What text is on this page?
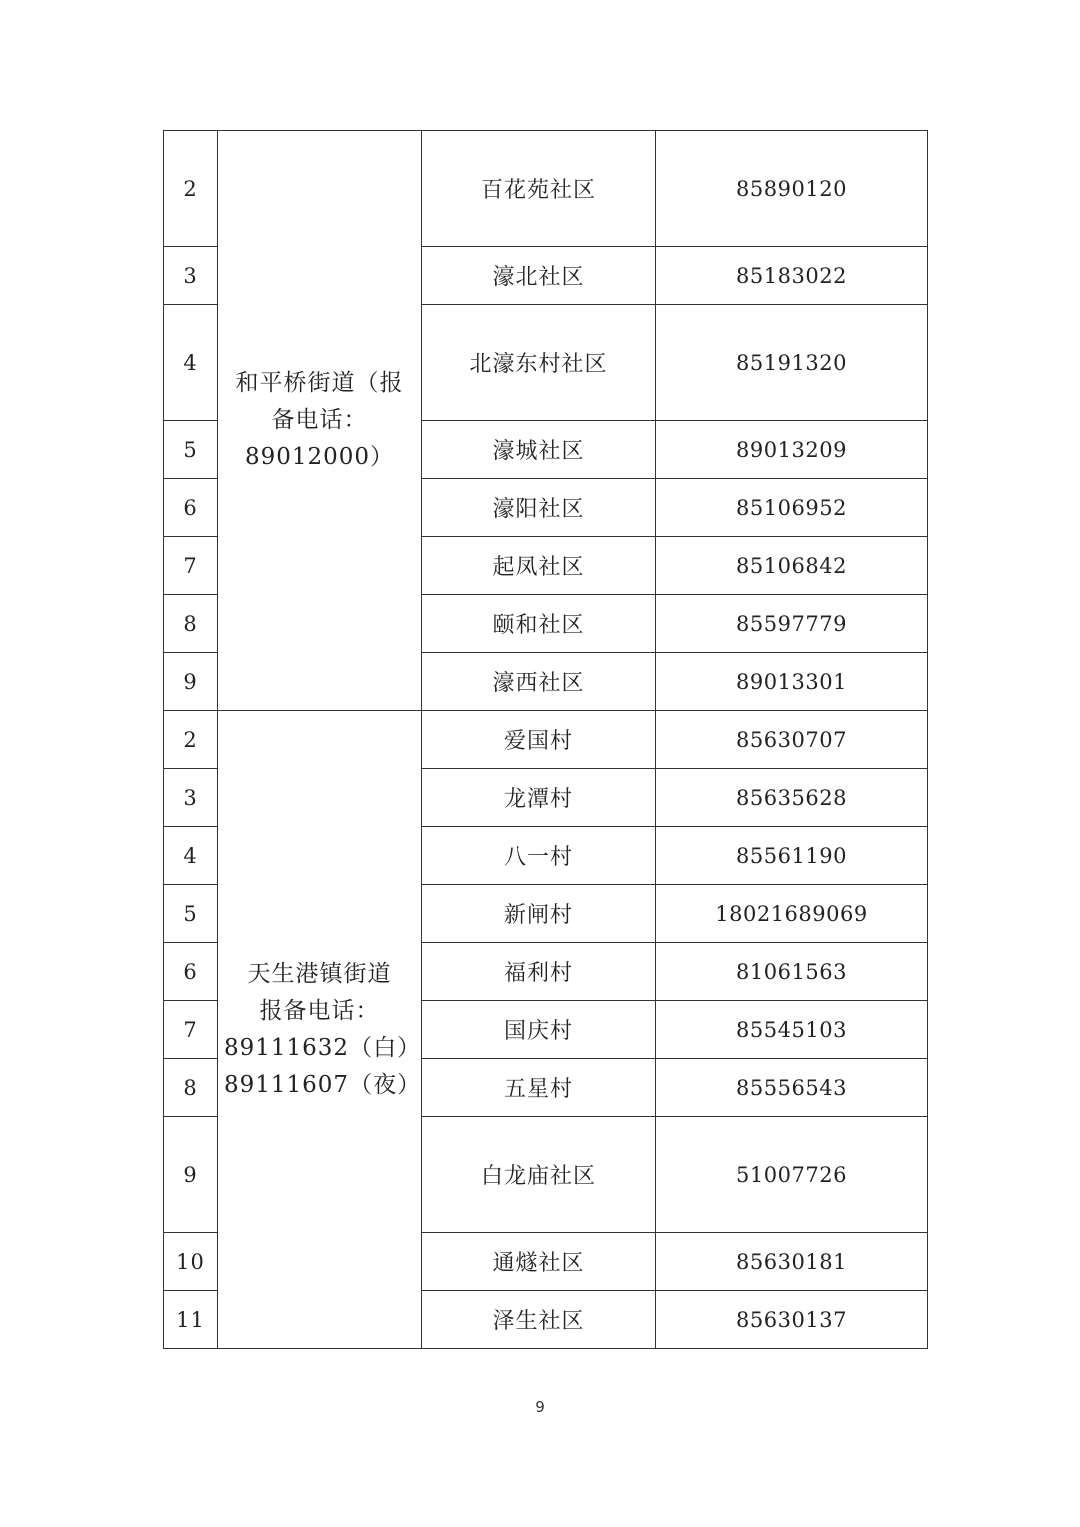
2	和平桥街道（报
备电话：
89012000）	百花苑社区	85890120
3		濠北社区	85183022
4		北濠东村社区	85191320
5		濠城社区	89013209
6		濠阳社区	85106952
7		起凤社区	85106842
8		颐和社区	85597779
9		濠西社区	89013301
2	天生港镇街道
报备电话：
89111632（白）
89111607（夜）	爱国村	85630707
3		龙潭村	85635628
4		八一村	85561190
5		新闸村	18021689069
6		福利村	81061563
7		国庆村	85545103
8		五星村	85556543
9		白龙庙社区	51007726
10		通燧社区	85630181
11		泽生社区	85630137
9
